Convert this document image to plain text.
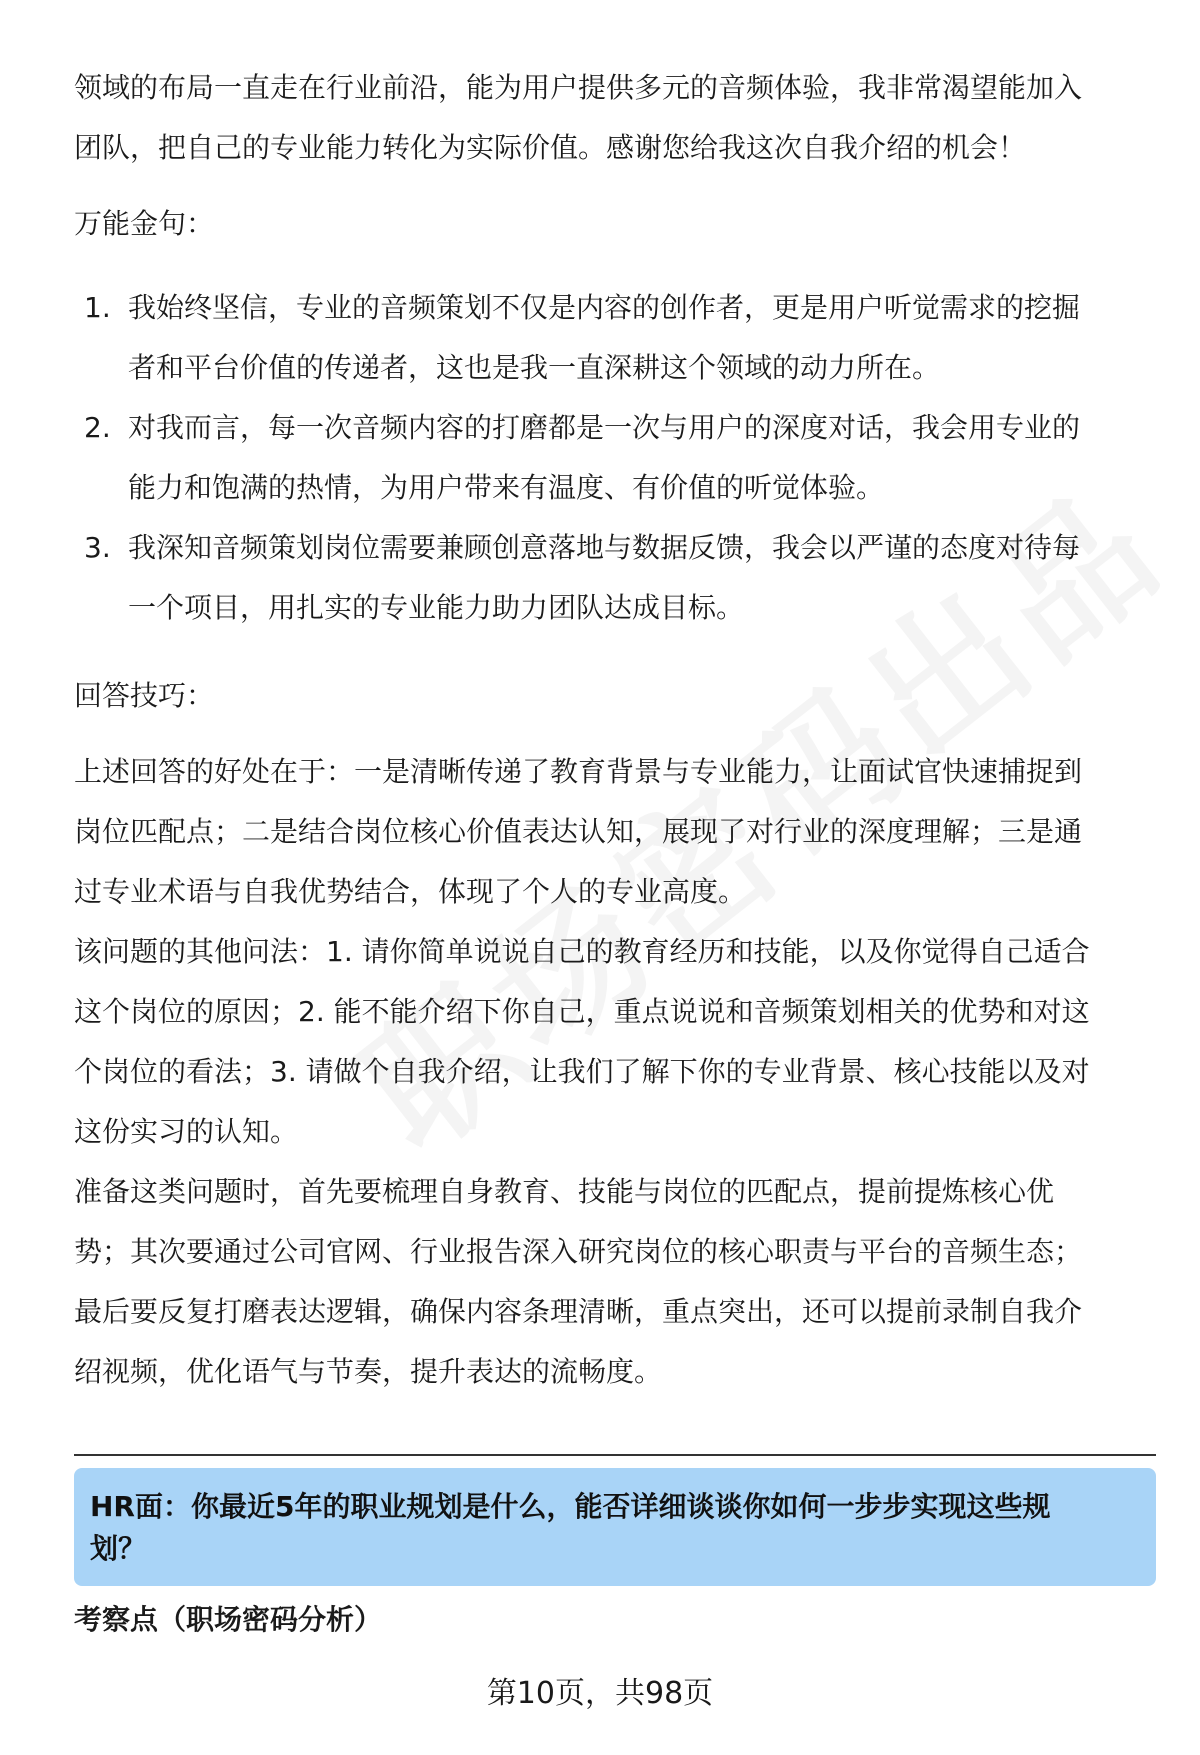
领域的布局一直走在行业前沿，能为用户提供多元的音频体验，我非常渴望能加入
团队，把自己的专业能力转化为实际价值。感谢您给我这次自我介绍的机会！

万能金句：

1. 我始终坚信，专业的音频策划不仅是内容的创作者，更是用户听觉需求的挖掘
者和平台价值的传递者，这也是我一直深耕这个领域的动力所在。
2. 对我而言，每一次音频内容的打磨都是一次与用户的深度对话，我会用专业的
能力和饱满的热情，为用户带来有温度、有价值的听觉体验。
3. 我深知音频策划岗位需要兼顾创意落地与数据反馈，我会以严谨的态度对待每
一个项目，用扎实的专业能力助力团队达成目标。

回答技巧：

上述回答的好处在于：一是清晰传递了教育背景与专业能力，让面试官快速捕捉到
岗位匹配点；二是结合岗位核心价值表达认知，展现了对行业的深度理解；三是通
过专业术语与自我优势结合，体现了个人的专业高度。

该问题的其他问法：1. 请你简单说说自己的教育经历和技能，以及你觉得自己适合
这个岗位的原因；2. 能不能介绍下你自己，重点说说和音频策划相关的优势和对这
个岗位的看法；3. 请做个自我介绍，让我们了解下你的专业背景、核心技能以及对
这份实习的认知。

准备这类问题时，首先要梳理自身教育、技能与岗位的匹配点，提前提炼核心优
势；其次要通过公司官网、行业报告深入研究岗位的核心职责与平台的音频生态；
最后要反复打磨表达逻辑，确保内容条理清晰，重点突出，还可以提前录制自我介
绍视频，优化语气与节奏，提升表达的流畅度。

HR面：你最近5年的职业规划是什么，能否详细谈谈你如何一步步实现这些规
划？
考察点（职场密码分析）
第10页，共98页
